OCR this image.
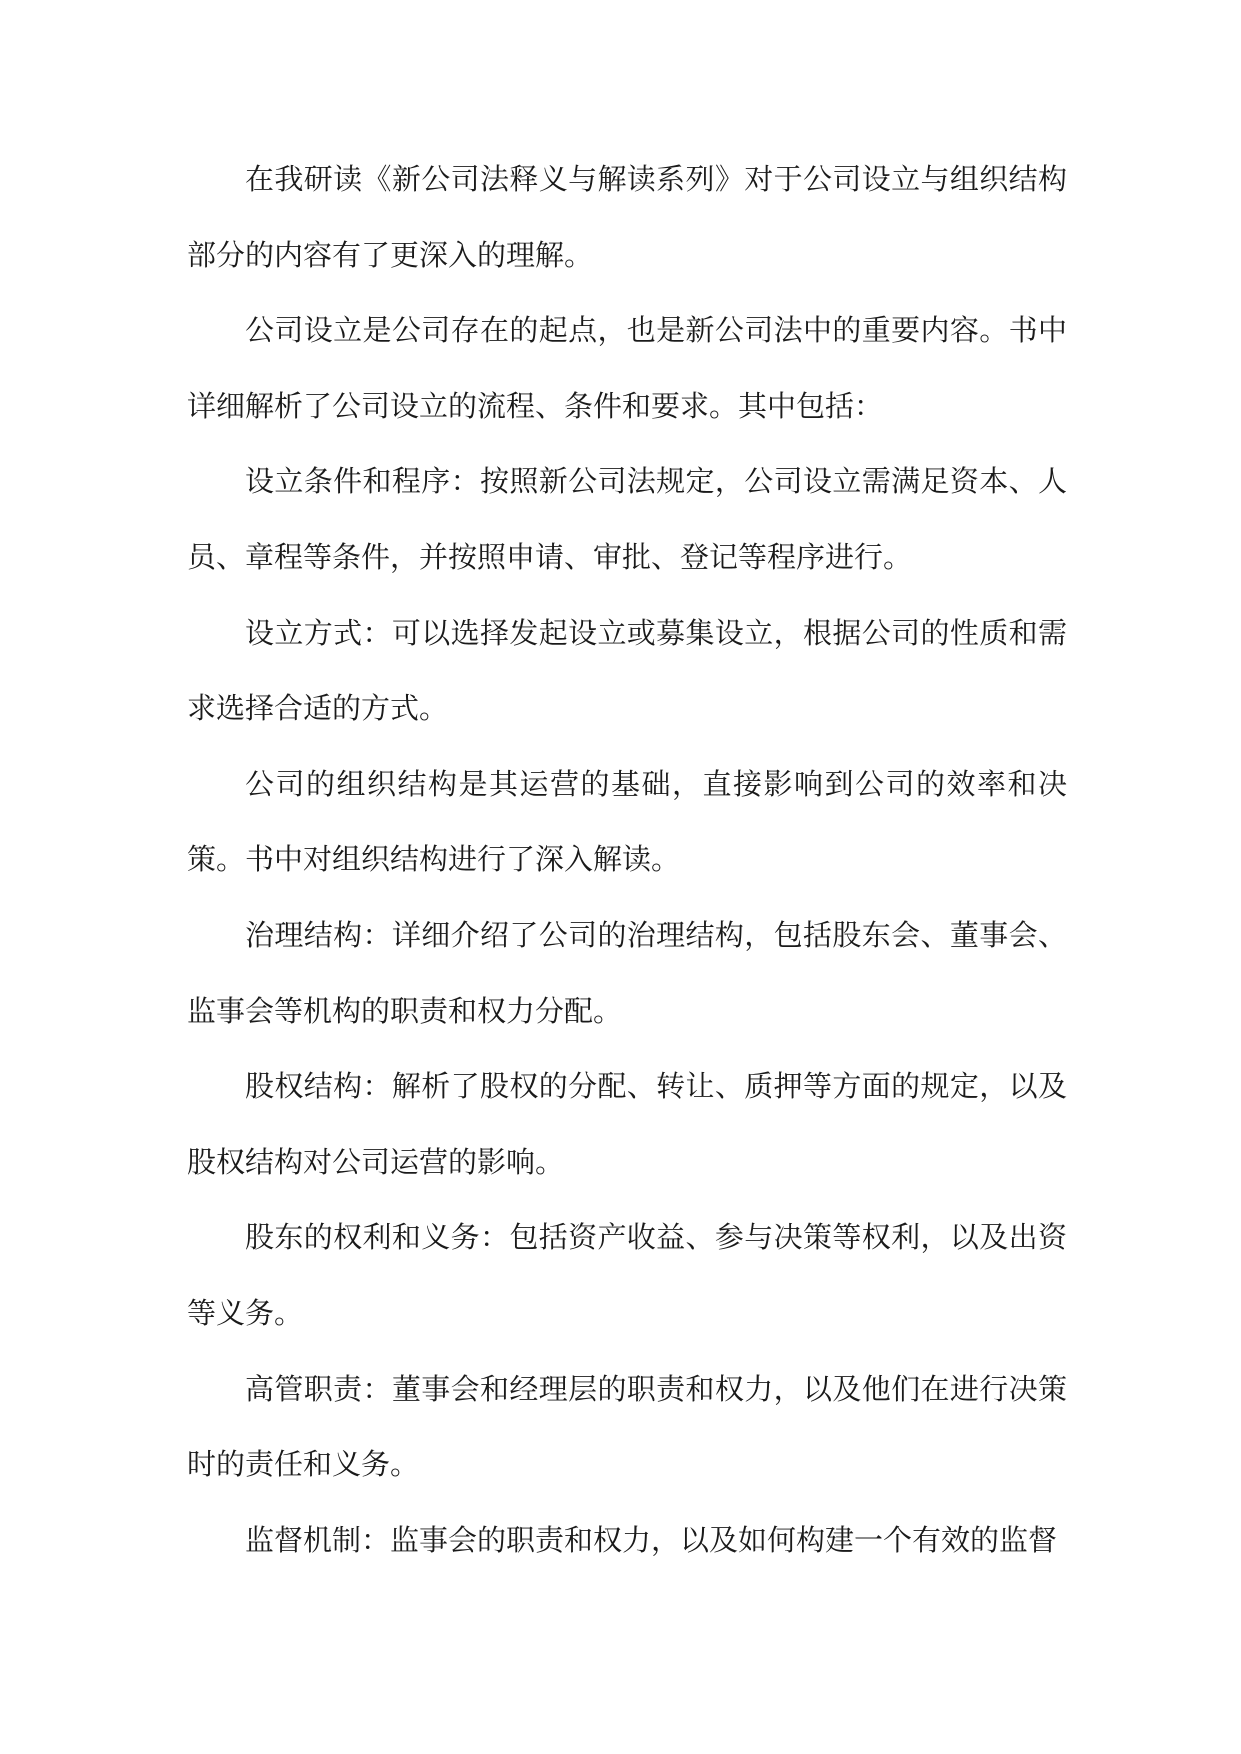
在我研读《新公司法释义与解读系列》对于公司设立与组织结构部分的内容有了更深入的理解。

公司设立是公司存在的起点，也是新公司法中的重要内容。书中详细解析了公司设立的流程、条件和要求。其中包括：

设立条件和程序：按照新公司法规定，公司设立需满足资本、人员、章程等条件，并按照申请、审批、登记等程序进行。

设立方式：可以选择发起设立或募集设立，根据公司的性质和需求选择合适的方式。

公司的组织结构是其运营的基础，直接影响到公司的效率和决策。书中对组织结构进行了深入解读。

治理结构：详细介绍了公司的治理结构，包括股东会、董事会、监事会等机构的职责和权力分配。

股权结构：解析了股权的分配、转让、质押等方面的规定，以及股权结构对公司运营的影响。

股东的权利和义务：包括资产收益、参与决策等权利，以及出资等义务。

高管职责：董事会和经理层的职责和权力，以及他们在进行决策时的责任和义务。

监督机制：监事会的职责和权力，以及如何构建一个有效的监督
